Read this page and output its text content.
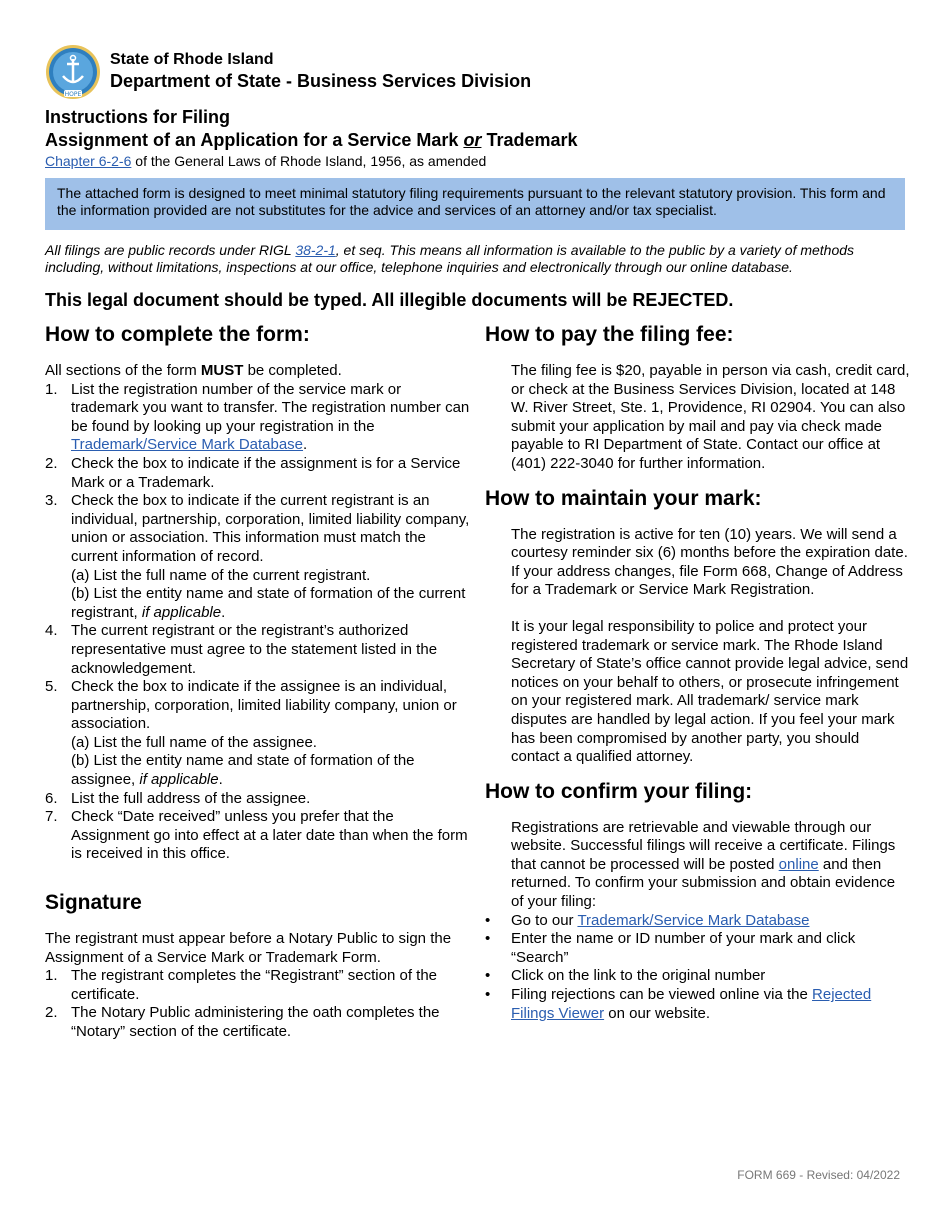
HOPE
State of Rhode Island
Department of State - Business Services Division
Instructions for Filing
Assignment of an Application for a Service Mark or Trademark
Chapter 6-2-6 of the General Laws of Rhode Island, 1956, as amended
The attached form is designed to meet minimal statutory filing requirements pursuant to the relevant statutory provision. This form and the information provided are not substitutes for the advice and services of an attorney and/or tax specialist.
All filings are public records under RIGL 38-2-1, et seq. This means all information is available to the public by a variety of methods including, without limitations, inspections at our office, telephone inquiries and electronically through our online database.
This legal document should be typed. All illegible documents will be REJECTED.
How to complete the form:

All sections of the form MUST be completed.

1. List the registration number of the service mark or trademark you want to transfer. The registration number can be found by looking up your registration in the Trademark/Service Mark Database.
2. Check the box to indicate if the assignment is for a Service Mark or a Trademark.
3. Check the box to indicate if the current registrant is an individual, partnership, corporation, limited liability company, union or association. This information must match the current information of record.
(a) List the full name of the current registrant.
(b) List the entity name and state of formation of the current registrant, if applicable.
4. The current registrant or the registrant’s authorized representative must agree to the statement listed in the acknowledgement.
5. Check the box to indicate if the assignee is an individual, partnership, corporation, limited liability company, union or association.
(a) List the full name of the assignee.
(b) List the entity name and state of formation of the assignee, if applicable.
6. List the full address of the assignee.
7. Check “Date received” unless you prefer that the Assignment go into effect at a later date than when the form is received in this office.
Signature

The registrant must appear before a Notary Public to sign the Assignment of a Service Mark or Trademark Form.

1. The registrant completes the “Registrant” section of the certificate.
2. The Notary Public administering the oath completes the “Notary” section of the certificate.
How to pay the filing fee:

The filing fee is $20, payable in person via cash, credit card, or check at the Business Services Division, located at 148 W. River Street, Ste. 1, Providence, RI 02904. You can also submit your application by mail and pay via check made payable to RI Department of State. Contact our office at (401) 222-3040 for further information.

How to maintain your mark:

The registration is active for ten (10) years. We will send a courtesy reminder six (6) months before the expiration date. If your address changes, file Form 668, Change of Address for a Trademark or Service Mark Registration.

It is your legal responsibility to police and protect your registered trademark or service mark. The Rhode Island Secretary of State’s office cannot provide legal advice, send notices on your behalf to others, or prosecute infringement on your registered mark. All trademark/ service mark disputes are handled by legal action. If you feel your mark has been compromised by another party, you should contact a qualified attorney.

How to confirm your filing:

Registrations are retrievable and viewable through our website. Successful filings will receive a certificate. Filings that cannot be processed will be posted online and then returned. To confirm your submission and obtain evidence of your filing:

• Go to our Trademark/Service Mark Database
• Enter the name or ID number of your mark and click “Search”
• Click on the link to the original number
• Filing rejections can be viewed online via the Rejected Filings Viewer on our website.
FORM 669 - Revised: 04/2022
